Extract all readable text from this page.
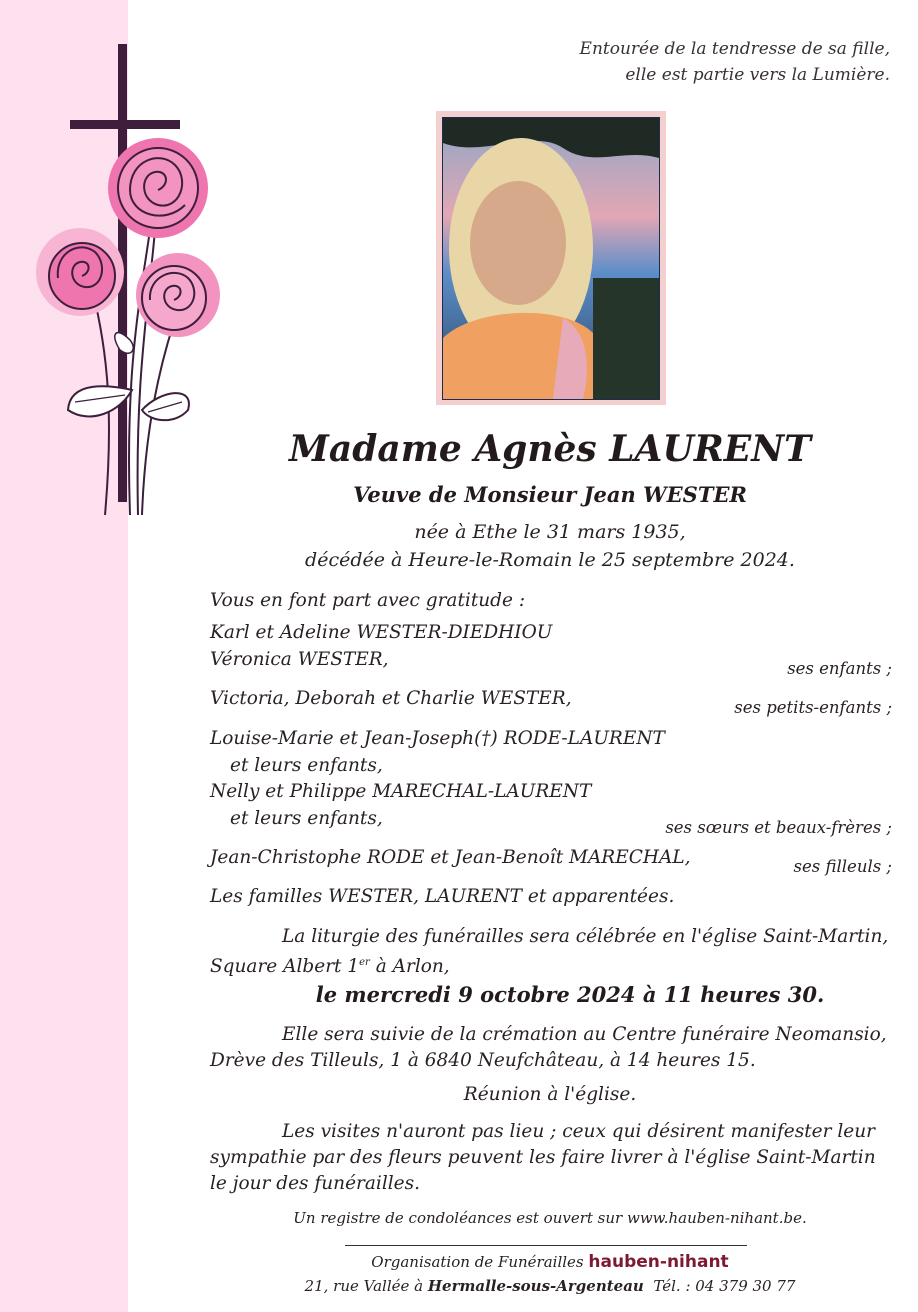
Entourée de la tendresse de sa fille,
elle est partie vers la Lumière.
Madame Agnès LAURENT
Veuve de Monsieur Jean WESTER
née à Ethe le 31 mars 1935,
décédée à Heure-le-Romain le 25 septembre 2024.
Vous en font part avec gratitude :
Karl et Adeline WESTER-DIEDHIOU
Véronica WESTER,	ses enfants ;
Victoria, Deborah et Charlie WESTER,	ses petits-enfants ;
Louise-Marie et Jean-Joseph(†) RODE-LAURENT
et leurs enfants,
Nelly et Philippe MARECHAL-LAURENT
et leurs enfants,	ses sœurs et beaux-frères ;
Jean-Christophe RODE et Jean-Benoît MARECHAL,	ses filleuls ;
Les familles WESTER, LAURENT et apparentées.
La liturgie des funérailles sera célébrée en l'église Saint-Martin,
Square Albert 1er à Arlon,
le mercredi 9 octobre 2024 à 11 heures 30.
Elle sera suivie de la crémation au Centre funéraire Neomansio,
Drève des Tilleuls, 1 à 6840 Neufchâteau, à 14 heures 15.
Réunion à l'église.
Les visites n'auront pas lieu ; ceux qui désirent manifester leur sympathie par des fleurs peuvent les faire livrer à l'église Saint-Martin le jour des funérailles.
Un registre de condoléances est ouvert sur www.hauben-nihant.be.
Organisation de Funérailles hauben-nihant
21, rue Vallée à Hermalle-sous-Argenteau Tél. : 04 379 30 77
